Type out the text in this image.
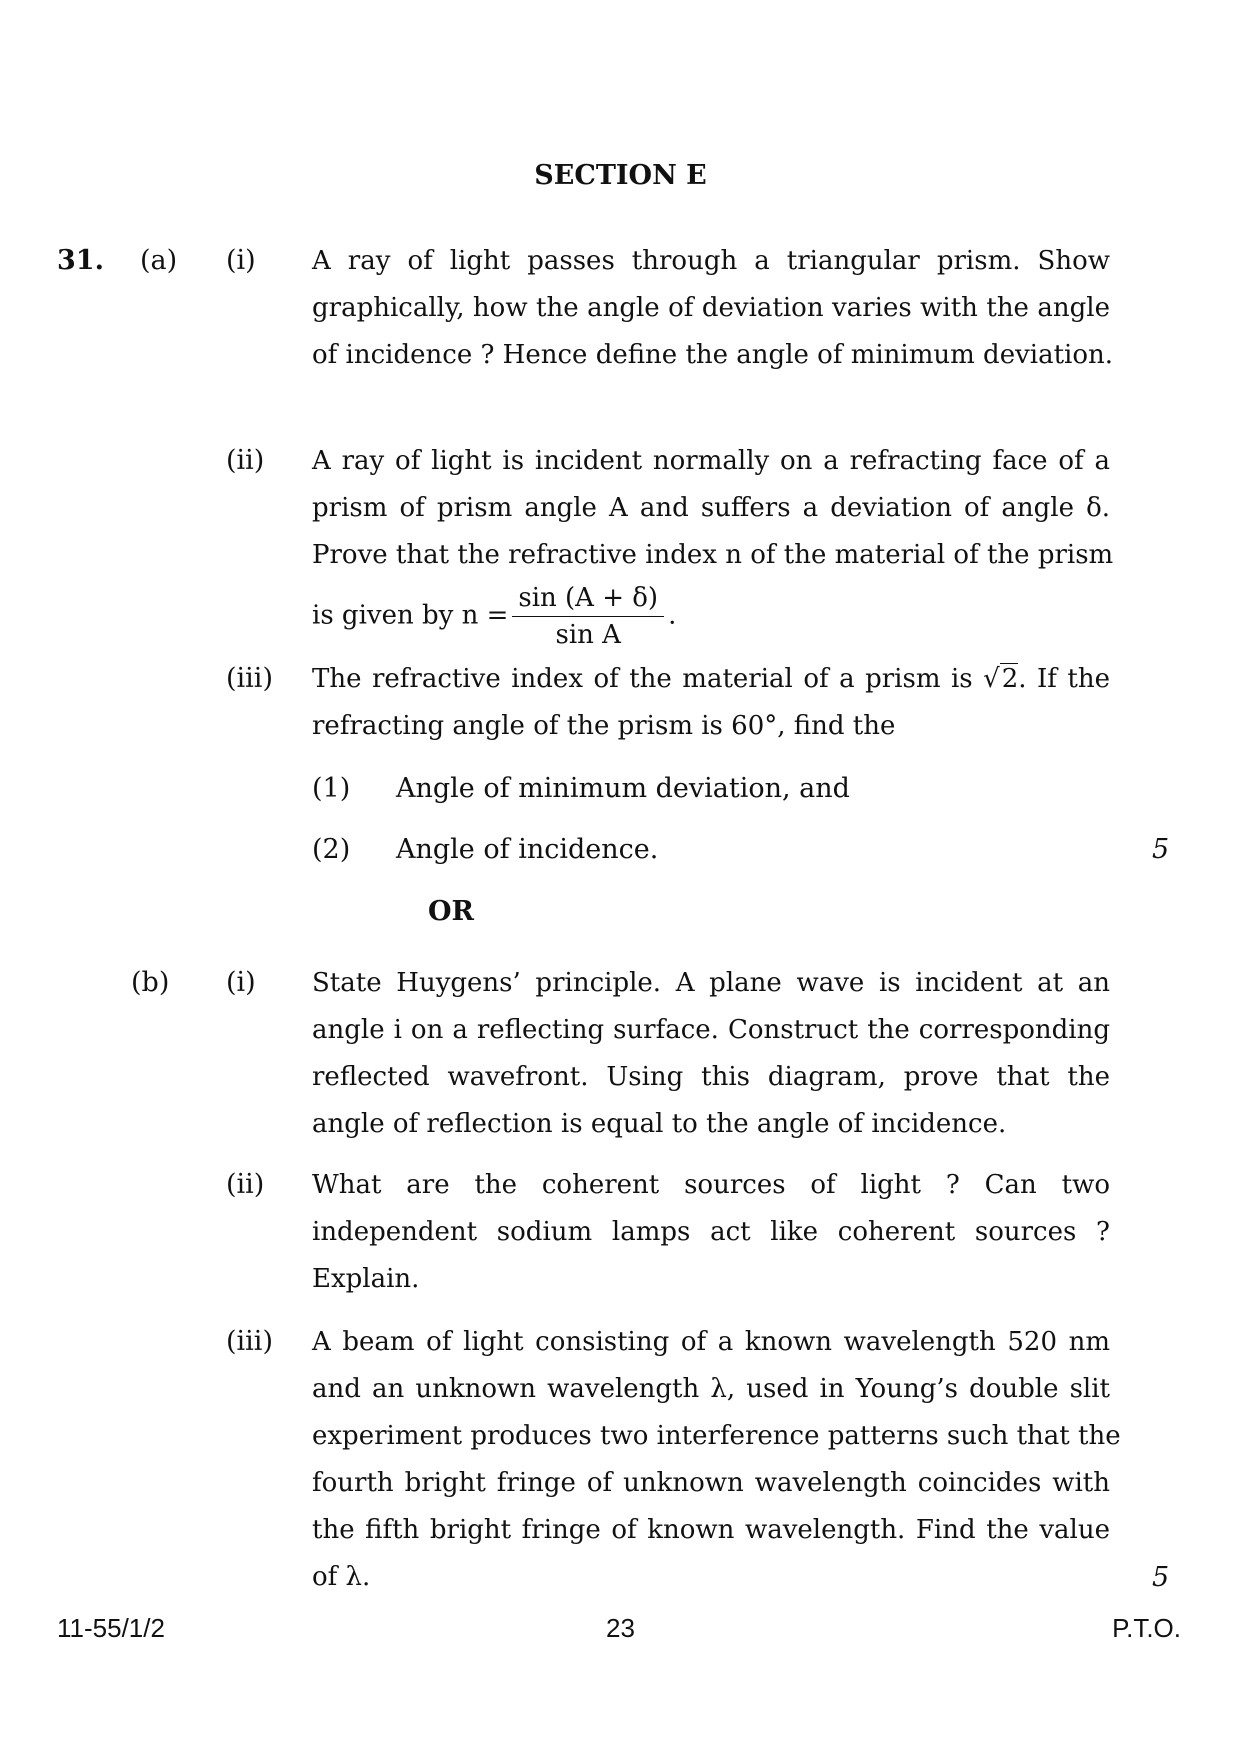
SECTION E
31. (a) (i) A ray of light passes through a triangular prism. Show
graphically, how the angle of deviation varies with the angle
of incidence ? Hence define the angle of minimum deviation.
(ii) A ray of light is incident normally on a refracting face of a
prism of prism angle A and suffers a deviation of angle δ.
Prove that the refractive index n of the material of the prism
is given by $n = \frac{\sin (A + \delta)}{\text{sin A}}$ .
(iii) The refractive index of the material of a prism is √2. If the
refracting angle of the prism is 60°, find the
(1) Angle of minimum deviation, and
(2) Angle of incidence.	5
OR
(b) (i) State Huygens’ principle. A plane wave is incident at an
angle i on a reflecting surface. Construct the corresponding
reflected wavefront. Using this diagram, prove that the
angle of reflection is equal to the angle of incidence.
(ii) What are the coherent sources of light ? Can two
independent sodium lamps act like coherent sources ?
Explain.
(iii) A beam of light consisting of a known wavelength 520 nm
and an unknown wavelength λ, used in Young’s double slit
experiment produces two interference patterns such that the
fourth bright fringe of unknown wavelength coincides with
the fifth bright fringe of known wavelength. Find the value
of λ.	5
11-55/1/2	23	P.T.O.
